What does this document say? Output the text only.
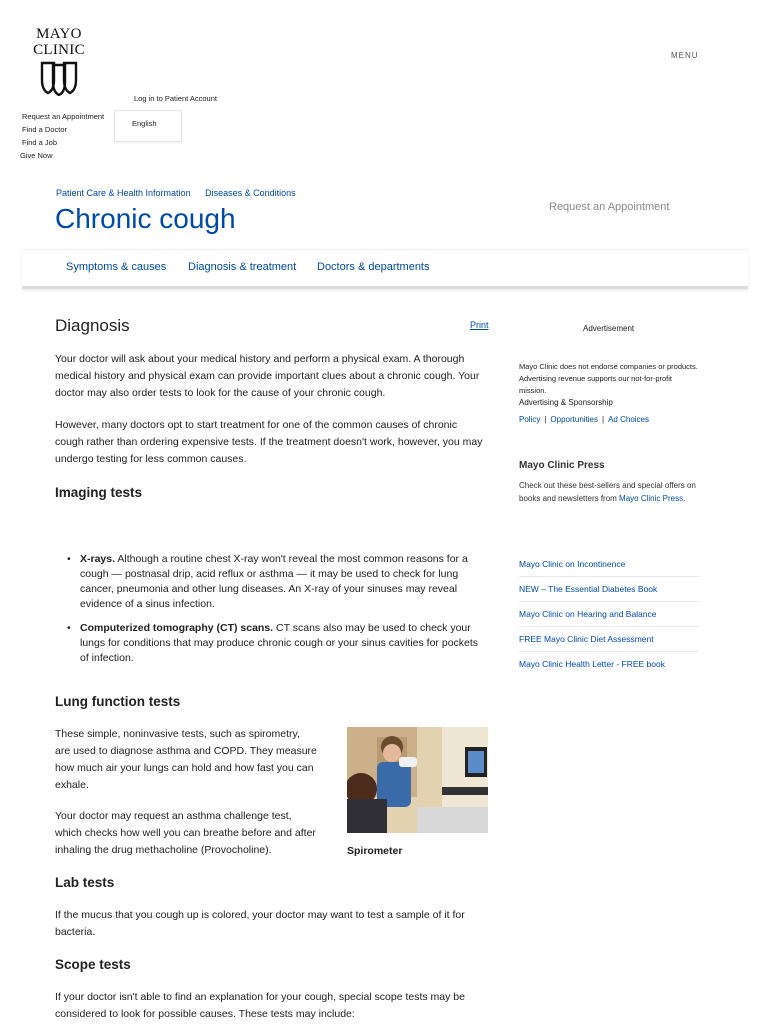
MAYO
CLINIC	MENU
Log in to Patient Account
Request an Appointment
Find a Doctor
Find a Job
Give Now
English
Patient Care & Health Information Diseases & Conditions
Chronic cough	Request an Appointment
Symptoms & causes Diagnosis & treatment Doctors & departments
Diagnosis	Print

Your doctor will ask about your medical history and perform a physical exam. A thorough medical history and physical exam can provide important clues about a chronic cough. Your doctor may also order tests to look for the cause of your chronic cough.

However, many doctors opt to start treatment for one of the common causes of chronic cough rather than ordering expensive tests. If the treatment doesn't work, however, you may undergo testing for less common causes.

Imaging tests
• X-rays. Although a routine chest X-ray won't reveal the most common reasons for a cough — postnasal drip, acid reflux or asthma — it may be used to check for lung cancer, pneumonia and other lung diseases. An X-ray of your sinuses may reveal evidence of a sinus infection.
• Computerized tomography (CT) scans. CT scans also may be used to check your lungs for conditions that may produce chronic cough or your sinus cavities for pockets of infection.
Lung function tests

These simple, noninvasive tests, such as spirometry, are used to diagnose asthma and COPD. They measure how much air your lungs can hold and how fast you can exhale.

Your doctor may request an asthma challenge test, which checks how well you can breathe before and after inhaling the drug methacholine (Provocholine).	Spirometer
Lab tests

If the mucus that you cough up is colored, your doctor may want to test a sample of it for bacteria.

Scope tests

If your doctor isn't able to find an explanation for your cough, special scope tests may be considered to look for possible causes. These tests may include:

Advertisement
Mayo Clinic does not endorse companies or products. Advertising revenue supports our not-for-profit mission.
Advertising & Sponsorship
Policy | Opportunities | Ad Choices
Mayo Clinic Press
Check out these best-sellers and special offers on books and newsletters from Mayo Clinic Press.
Mayo Clinic on Incontinence
NEW – The Essential Diabetes Book
Mayo Clinic on Hearing and Balance
FREE Mayo Clinic Diet Assessment
Mayo Clinic Health Letter - FREE book
